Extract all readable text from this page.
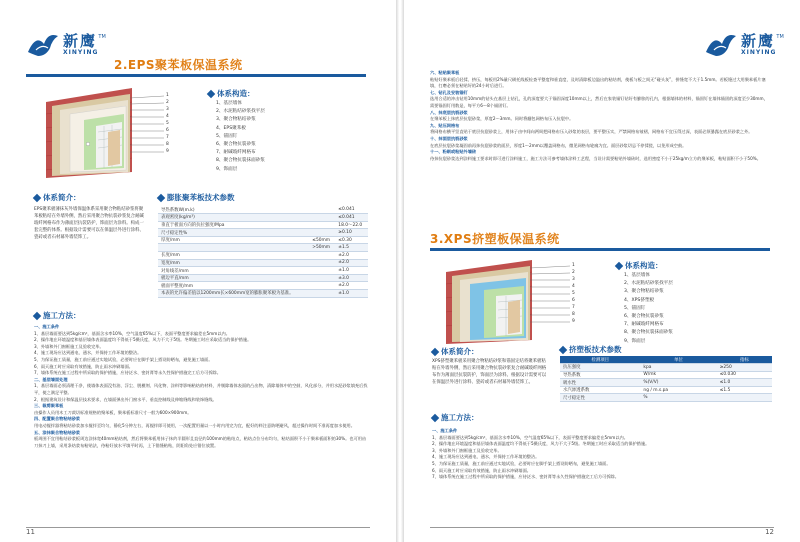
新鹰
XINYING
TM
2.EPS聚苯板保温系统
1
2
3
4
5
6
7
8
9
体系构造：
1、基层墙体
2、水泥粘结砂浆找平层
3、聚合物粘结砂浆
4、EPS聚苯板
5、锚固钉
6、聚合物抗裂砂浆
7、耐碱玻纤网格布
8、聚合物抗裂抹面砂浆
9、饰面层
体系简介：
EPS聚苯板薄抹灰外墙保温体系采用聚合物粘结砂浆将聚苯板粘结在外墙外侧，然后采用聚合物抗裂砂浆复合耐碱玻纤网格布作为薄面层抗裂防护，饰面层为涂料。构成一套完整的体系。根据设计需要可以在保温层外进行涂料、瓷砖或者石材幕外墙装饰工。
膨胀聚苯板技术参数
导热系数W(m.k)		≤0.041
表观密度(kg/m³)		≤0.041
垂直于板面方向的抗拉强度/Mpa		18.0～22.0
尺寸稳定性%		≥0.10
厚度/mm	≤50mm	≤0.30
	>50mm	±1.5
长度/mm		±2.0
宽度/mm		±2.0
对角线差/mm		±1.0
板边平直/mm		±3.0
板面平整度/mm		±2.0
本表的允许偏差值以1200mm长×600mm宽的膨胀聚苯板为基准。		±1.0
施工方法：
一、施工条件
1、基层墙面要达到5kg/cm²，基面含水率10%，空气湿度65%以下，表面平整度要求偏差在5mm以内。
2、操作地在环境温度和基层墙体表面温度均不得低于5摄氏度，风力不大于5级。冬期施工时应采取适当的保护措施。
3、外墙和外门窗框施工及验收完毕。
4、施工现场应达到通电、通水，并保持工作环境的整洁。
5、为保证施工质量，施工前应通过实地试验，必要时应在脚手架上搭设防晒布，避免施工墙面。
6、雨天施工时应采取有效措施，防止雨水冲刷墙面。
7、墙体系统在施工过程中所采取的保护措施，应待泛水、密封膏等永久性保护措施完工后方可拆除。
二、基层墙面处理
1、基层墙面必须清理干净，使墙体表面没有油、浮尘、脱模剂、风化物、涂料等影响粘结的材料，并剔除墙体表面的凸出物，清除墙体中的空鼓、风化部分，并用水泥砂浆填充后找平，使之满足平整。
2、根据建筑设计和保温层技术要求，在墙面弹出外门窗水平、垂直控制线及伸缩缝线和装饰缝线。
三、裁剪聚苯板
由操作人员用木工刀裁切标准规格的聚苯板，聚苯板标准尺寸一般为600×900mm。
四、配置聚合物粘结砂浆
用电动搅拌器将粘结砂浆加水搅拌至均匀，静化5分钟左右，再搅拌即可使用，一次配置用量以一小时内用完为宜，配好的料注意防晒避风，超过操作时间不准再度加水使用。
五、涂抹聚合物粘结砂浆
板周围不宜用粘结砂浆板周边涂抹宽40mm粘结剂，然后将聚苯板用抹子抹约半圆形且直径约100mm的粘结点，粘结点位分布均匀，粘结面积不小于聚苯板面积的30%。也可用齿刀抹刀上墙，采用条结浆布粘贴法，待粘好放水平填平时再，上下错缝粘贴，阴阳角处应错位放置。
11
新鹰
XINYING
TM
六、粘贴聚苯板
粘贴好聚苯板后轻揉、挤压，每板用2%量尺刷托线板检查平整度和垂直度，及时清除板边溢出的粘结剂，使板与板之间无“碰头灰”，拼缝宽不大于1.5mm。若板缝过大用聚苯板片塞填，打磨必须在粘贴好的24小时后进行。
七、钻孔及安装锚钉
选用合适的冲击钻用10mm的钻头在基层上钻孔，孔的深度要大于锚固深度10mm以上，然后在家装锚钉钻好有膨胀的孔内，根据墙体的材料，锚固钉在墙体锚固的深度至少30mm，需要锚固钉用数是，每平方6～8个锚固钉。
八、抹底层抗裂砂浆
在聚苯板上抹底层抗裂砂浆，厚度2～3mm。同时将翻包网格布压入抗裂中。
九、贴压网格布
将网格布横平竖直贴于底层抗裂砂浆上，用抹子由中间向两周把网格布压入砂浆的表层，要平整压实，严禁网格布皱褶，网格布不宜压得过深，表面必须暴露在底层砂浆之外。
十、抹面层抗裂砂浆
在底层抗裂砂浆凝固前再抹抗裂砂浆的面层，厚度1～2mm以覆盖网格布，微见网格布轮廓为宜。面层砂浆切忌不停揉搓，以免形成空鼓。
十一、粉刷或粘贴外墙砖
待抹抗裂砂浆达到涂料施工要求时即可进行涂料施工，施工方法可参考墙体涂料工艺程，当设计需要粘贴外墙砖时，选用密度不小于25kg/m立方的聚苯板，粘贴面积不小于50%。
3.XPS挤塑板保温系统
1
2
3
4
5
6
7
8
9
体系构造：
1、基层墙体
2、水泥粘结砂浆找平层
3、聚合物粘结砂浆
4、XPS挤塑板
5、锚固钉
6、聚合物抗裂砂浆
7、耐碱玻纤网格布
8、聚合物抗裂抹面砂浆
9、饰面层
体系简介：
XPS挤塑聚苯板采用聚合物粘结砂浆和锚固定结将聚苯板粘贴在外墙外侧，然后采用聚合物抗裂砂浆复合耐碱玻纤网格布作为薄面层抗裂防护，饰面层为涂料。根据设计需要可以在保温层外进行涂料、瓷砖或者石材幕外墙装饰工。
挤塑板技术参数
检测项目	单位	指标
抗压强度	kpa	≥250
导热系数	W/mk	≤0.030
吸水性	%(V/V)	≤1.0
水汽渗透系数	ng / m.s.pa	≤1.5
尺寸稳定性	%	
施工方法：
一、施工条件
1、基层墙面要达到5kg/cm²，基面含水率10%，空气湿度65%以下，表面平整度要求偏差在5mm以内。
2、操作地在环境温度和基层墙体表面温度均不得低于5摄氏度，风力不大于5级。冬期施工时应采取适当的保护措施。
3、外墙和外门窗框施工及验收完毕。
4、施工现场应达到通电、通水，并保持工作环境的整洁。
5、为保证施工质量，施工前应通过实地试验，必要时应在脚手架上搭设防晒布，避免施工墙面。
6、雨天施工时应采取有效措施，防止雨水冲刷墙面。
7、墙体系统在施工过程中所采取的保护措施，应待泛水、密封膏等永久性保护措施完工后方可拆除。
12
